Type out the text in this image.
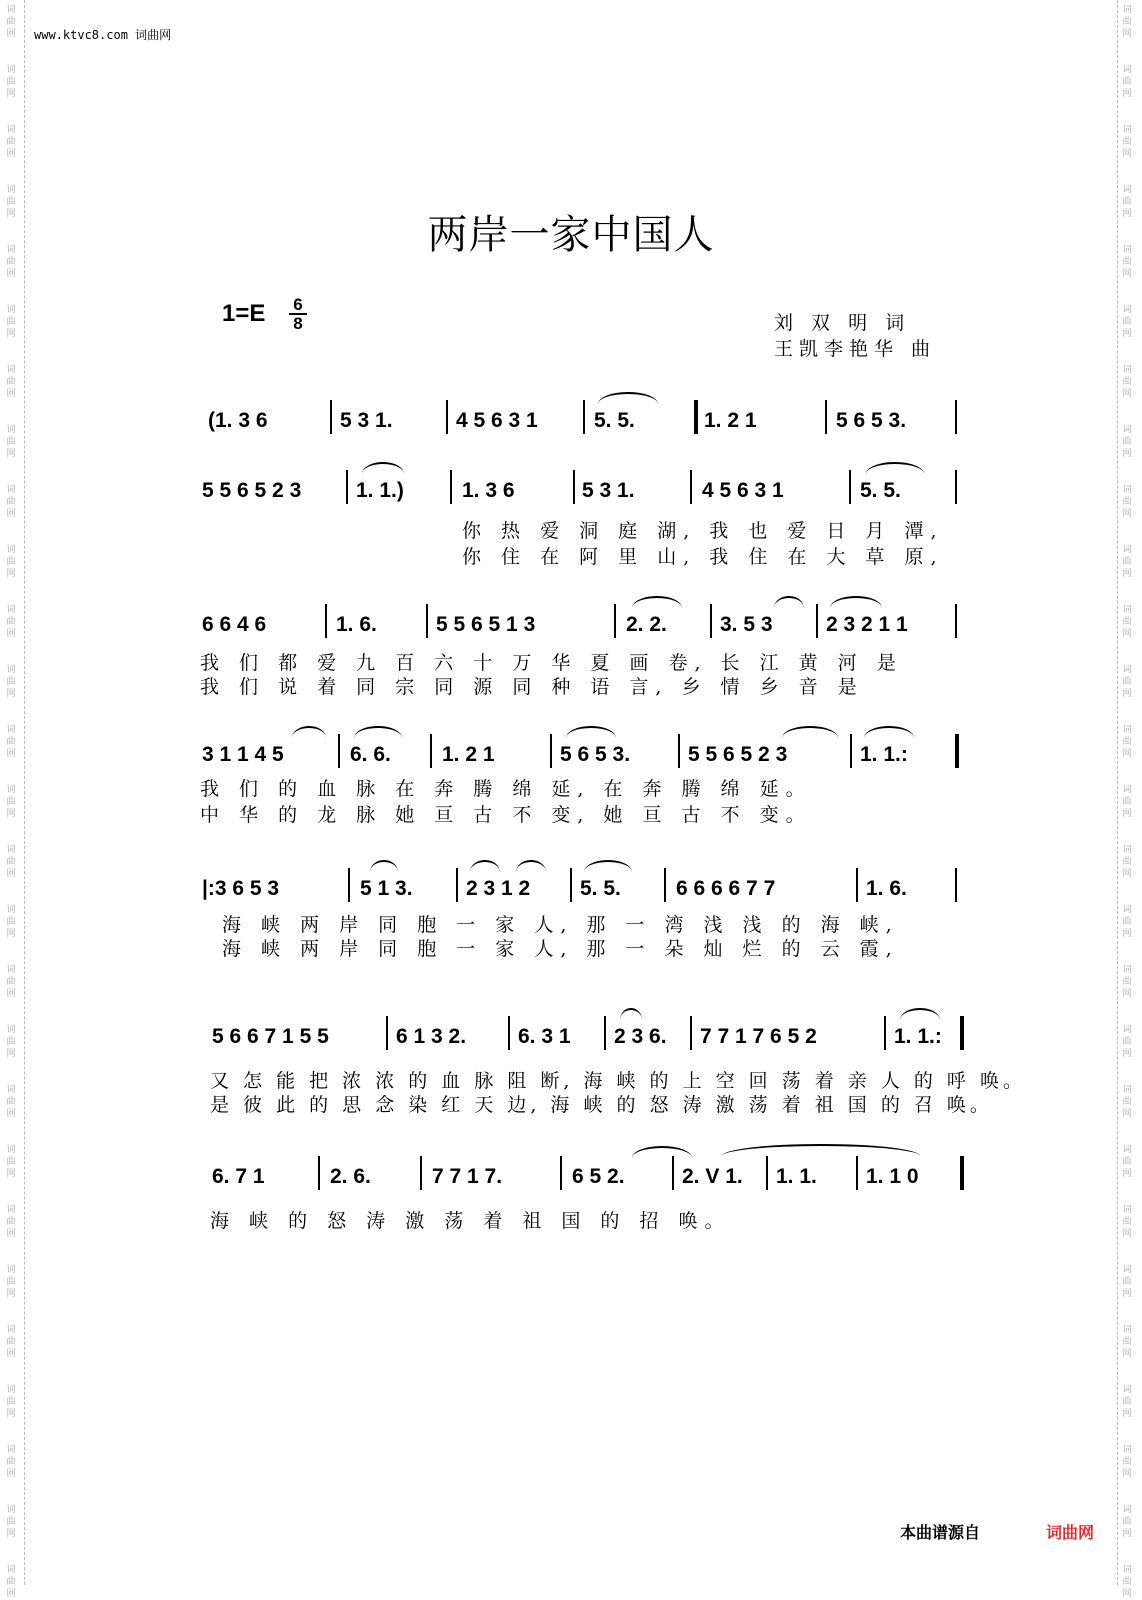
词
曲
网
词
曲
网
词
曲
网
词
曲
网
词
曲
网
词
曲
网
词
曲
网
词
曲
网
词
曲
网
词
曲
网
词
曲
网
词
曲
网
词
曲
网
词
曲
网
词
曲
网
词
曲
网
词
曲
网
词
曲
网
词
曲
网
词
曲
网
词
曲
网
词
曲
网
词
曲
网
词
曲
网
词
曲
网
词
曲
网
词
曲
网
词
曲
网
词
曲
网
词
曲
网
词
曲
网
词
曲
网
词
曲
网
词
曲
网
词
曲
网
词
曲
网
词
曲
网
词
曲
网
词
曲
网
词
曲
网
词
曲
网
词
曲
网
词
曲
网
词
曲
网
词
曲
网
词
曲
网
词
曲
网
词
曲
网
词
曲
网
词
曲
网
词
曲
网
词
曲
网
词
曲
网
词
曲
网
www.ktvc8.com 词曲网
两岸一家中国人
1=E 6
8	刘 双 明 词
王凯李艳华 曲
(1. 3 6	5 3 1.	4 5 6 3 1	5. 5.	1. 2 1	5 6 5 3.
5 5 6 5 2 3	1. 1.)	1. 3 6	5 3 1.	4 5 6 3 1	5. 5.
你 热 爱 洞 庭 湖, 我 也 爱 日 月 潭,
你 住 在 阿 里 山, 我 住 在 大 草 原,
6 6 4 6	1. 6.	5 5 6 5 1 3	2. 2.	3. 5 3	2 3 2 1 1
我 们 都 爱 九 百 六 十 万 华 夏 画 卷, 长 江 黄 河 是
我 们 说 着 同 宗 同 源 同 种 语 言, 乡 情 乡 音 是
3 1 1 4 5	6. 6. 1. 2 1	5 6 5 3.	5 5 6 5 2 3	1. 1.:
我 们 的 血 脉 在 奔 腾 绵 延, 在 奔 腾 绵 延。
中 华 的 龙 脉 她 亘 古 不 变, 她 亘 古 不 变。
|:3 6 5 3	5 1 3.	2 3 1 2 5. 5.	6 6 6 6 7 7	1. 6.
海 峡 两 岸 同 胞 一 家 人, 那 一 湾 浅 浅 的 海 峡,
海 峡 两 岸 同 胞 一 家 人, 那 一 朵 灿 烂 的 云 霞,
5 6 6 7 1 5 5	6 1 3 2. 6. 3 1 2 3 6. 7 7 1 7 6 5 2	1. 1.:
又 怎 能 把 浓 浓 的 血 脉 阻 断, 海 峡 的 上 空 回 荡 着 亲 人 的 呼 唤。
是 彼 此 的 思 念 染 红 天 边, 海 峡 的 怒 涛 激 荡 着 祖 国 的 召 唤。
6. 7 1	2. 6.	7 7 1 7.	6 5 2.	2. V 1. 1. 1. 1. 1 0
海 峡 的 怒 涛 激 荡 着 祖 国 的 招 唤。
本曲谱源自	词曲网
